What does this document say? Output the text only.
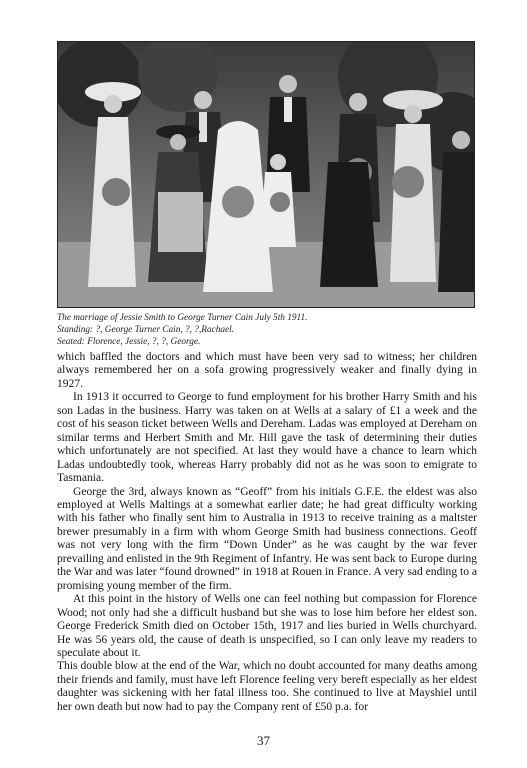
The marriage of Jessie Smith to George Turner Cain July 5th 1911.
Standing: ?, George Turner Cain, ?, ?,Rachael.
Seated: Florence, Jessie, ?, ?, George.

which baffled the doctors and which must have been very sad to witness; her children always remembered her on a sofa growing progressively weaker and finally dying in 1927.

In 1913 it occurred to George to fund employment for his brother Harry Smith and his son Ladas in the business. Harry was taken on at Wells at a salary of £1 a week and the cost of his season ticket between Wells and Dereham. Ladas was employed at Dereham on similar terms and Herbert Smith and Mr. Hill gave the task of determining their duties which unfortunately are not specified. At last they would have a chance to learn which Ladas undoubtedly took, whereas Harry probably did not as he was soon to emigrate to Tasmania.

George the 3rd, always known as “Geoff” from his initials G.F.E. the eldest was also employed at Wells Maltings at a somewhat earlier date; he had great difficulty working with his father who finally sent him to Australia in 1913 to receive training as a maltster brewer presumably in a firm with whom George Smith had business connections. Geoff was not very long with the firm “Down Under” as he was caught by the war fever prevailing and enlisted in the 9th Regiment of Infantry. He was sent back to Europe during the War and was later “found drowned” in 1918 at Rouen in France. A very sad ending to a promising young member of the firm.

At this point in the history of Wells one can feel nothing but compassion for Florence Wood; not only had she a difficult husband but she was to lose him before her eldest son. George Frederick Smith died on October 15th, 1917 and lies buried in Wells churchyard. He was 56 years old, the cause of death is unspecified, so I can only leave my readers to speculate about it.

This double blow at the end of the War, which no doubt accounted for many deaths among their friends and family, must have left Florence feeling very bereft especially as her eldest daughter was sickening with her fatal illness too. She continued to live at Mayshiel until her own death but now had to pay the Company rent of £50 p.a. for

37
